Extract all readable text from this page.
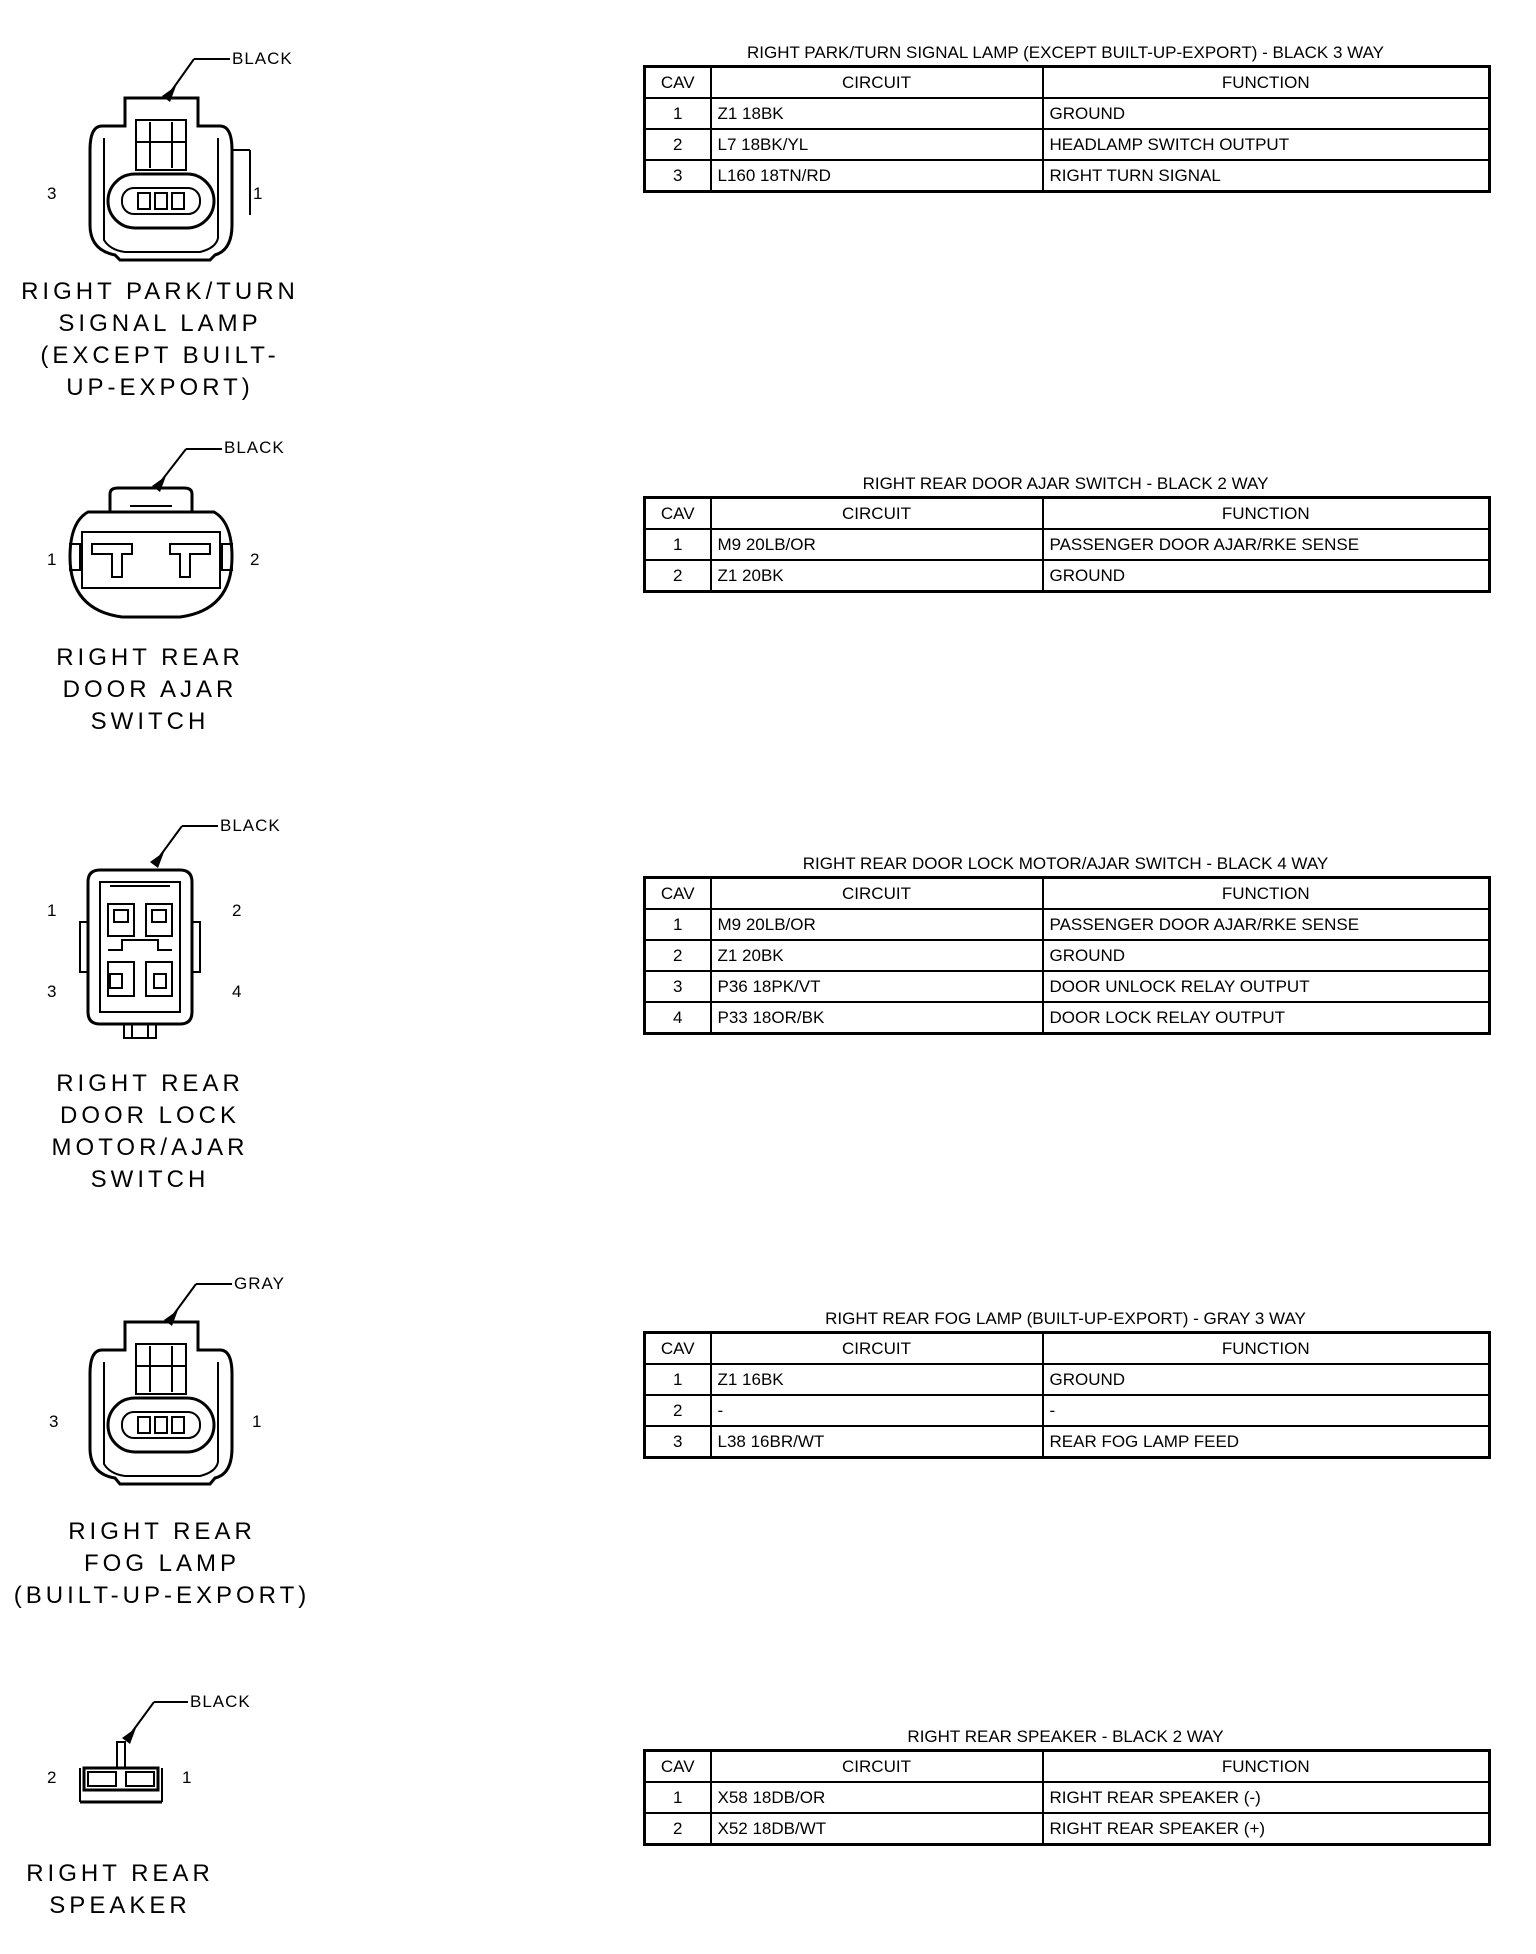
BLACK
3	1
RIGHT PARK/TURN
SIGNAL LAMP
(EXCEPT BUILT-
UP-EXPORT)
RIGHT PARK/TURN SIGNAL LAMP (EXCEPT BUILT-UP-EXPORT) - BLACK 3 WAY
CAV	CIRCUIT	FUNCTION
1	Z1 18BK	GROUND
2	L7 18BK/YL	HEADLAMP SWITCH OUTPUT
3	L160 18TN/RD	RIGHT TURN SIGNAL
BLACK
1	2
RIGHT REAR
DOOR AJAR
SWITCH
RIGHT REAR DOOR AJAR SWITCH - BLACK 2 WAY
CAV	CIRCUIT	FUNCTION
1	M9 20LB/OR	PASSENGER DOOR AJAR/RKE SENSE
2	Z1 20BK	GROUND
BLACK
1	2
3	4
RIGHT REAR
DOOR LOCK
MOTOR/AJAR
SWITCH
RIGHT REAR DOOR LOCK MOTOR/AJAR SWITCH - BLACK 4 WAY
CAV	CIRCUIT	FUNCTION
1	M9 20LB/OR	PASSENGER DOOR AJAR/RKE SENSE
2	Z1 20BK	GROUND
3	P36 18PK/VT	DOOR UNLOCK RELAY OUTPUT
4	P33 18OR/BK	DOOR LOCK RELAY OUTPUT
GRAY
3	1
RIGHT REAR
FOG LAMP
(BUILT-UP-EXPORT)
RIGHT REAR FOG LAMP (BUILT-UP-EXPORT) - GRAY 3 WAY
CAV	CIRCUIT	FUNCTION
1	Z1 16BK	GROUND
2	-	-
3	L38 16BR/WT	REAR FOG LAMP FEED
BLACK
2	1
RIGHT REAR
SPEAKER
RIGHT REAR SPEAKER - BLACK 2 WAY
CAV	CIRCUIT	FUNCTION
1	X58 18DB/OR	RIGHT REAR SPEAKER (-)
2	X52 18DB/WT	RIGHT REAR SPEAKER (+)
